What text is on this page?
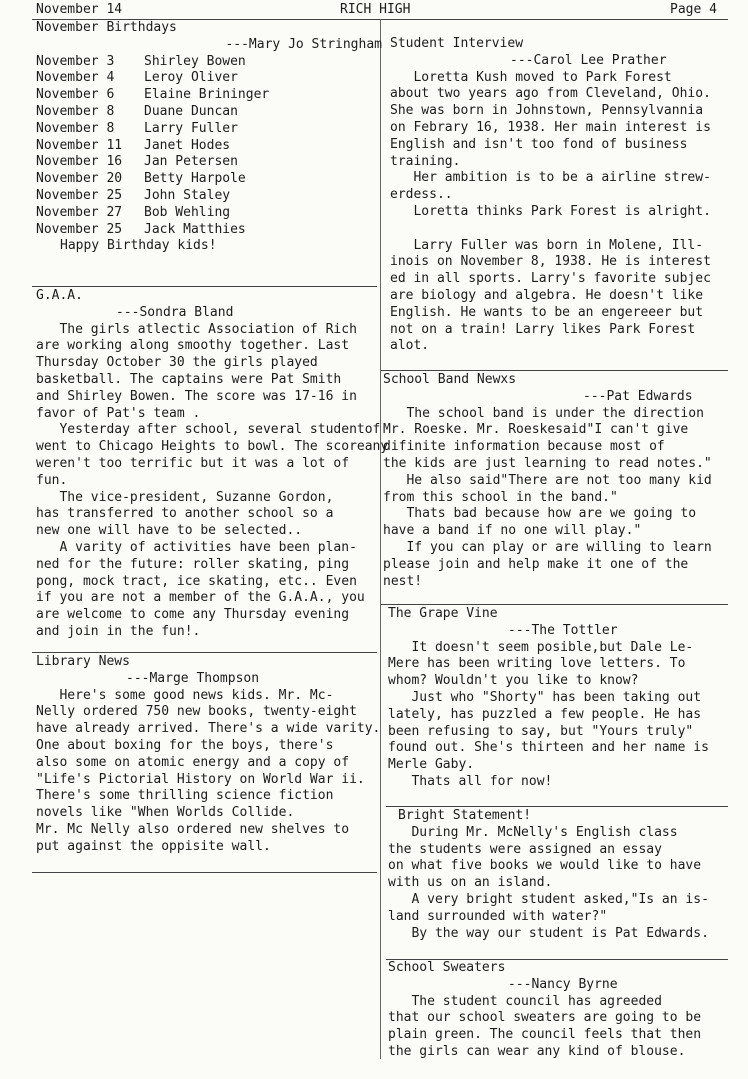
November 14	RICH HIGH	Page 4
November Birthdays
---Mary Jo Stringham
November 3 Shirley Bowen
November 4 Leroy Oliver
November 6 Elaine Brininger
November 8 Duane Duncan
November 8 Larry Fuller
November 11 Janet Hodes
November 16 Jan Petersen
November 20 Betty Harpole
November 25 John Staley
November 27 Bob Wehling
November 25 Jack Matthies
Happy Birthday kids!
G.A.A.
---Sondra Bland
The girls atlectic Association of Rich
are working along smoothy together. Last
Thursday October 30 the girls played
basketball. The captains were Pat Smith
and Shirley Bowen. The score was 17-16 in
favor of Pat's team .
Yesterday after school, several studentof
went to Chicago Heights to bowl. The scoreany
weren't too terrific but it was a lot of
fun.
The vice-president, Suzanne Gordon,
has transferred to another school so a
new one will have to be selected..
A varity of activities have been plan-
ned for the future: roller skating, ping
pong, mock tract, ice skating, etc.. Even
if you are not a member of the G.A.A., you
are welcome to come any Thursday evening
and join in the fun!.
Library News
---Marge Thompson
Here's some good news kids. Mr. Mc-
Nelly ordered 750 new books, twenty-eight
have already arrived. There's a wide varity.
One about boxing for the boys, there's
also some on atomic energy and a copy of
"Life's Pictorial History on World War ii.
There's some thrilling science fiction
novels like "When Worlds Collide.
Mr. Mc Nelly also ordered new shelves to
put against the oppisite wall.
Student Interview
---Carol Lee Prather
Loretta Kush moved to Park Forest
about two years ago from Cleveland, Ohio.
She was born in Johnstown, Pennsylvannia
on Febrary 16, 1938. Her main interest is
English and isn't too fond of business
training.
Her ambition is to be a airline strew-
erdess..
Loretta thinks Park Forest is alright.
Larry Fuller was born in Molene, Ill-
inois on November 8, 1938. He is interest
ed in all sports. Larry's favorite subjec
are biology and algebra. He doesn't like
English. He wants to be an engereeer but
not on a train! Larry likes Park Forest
alot.
School Band Newxs
---Pat Edwards
The school band is under the direction
Mr. Roeske. Mr. Roeskesaid"I can't give
difinite information because most of
the kids are just learning to read notes."
He also said"There are not too many kid
from this school in the band."
Thats bad because how are we going to
have a band if no one will play."
If you can play or are willing to learn
please join and help make it one of the
nest!
The Grape Vine
---The Tottler
It doesn't seem posible,but Dale Le-
Mere has been writing love letters. To
whom? Wouldn't you like to know?
Just who "Shorty" has been taking out
lately, has puzzled a few people. He has
been refusing to say, but "Yours truly"
found out. She's thirteen and her name is
Merle Gaby.
Thats all for now!
Bright Statement!
During Mr. McNelly's English class
the students were assigned an essay
on what five books we would like to have
with us on an island.
A very bright student asked,"Is an is-
land surrounded with water?"
By the way our student is Pat Edwards.
School Sweaters
---Nancy Byrne
The student council has agreeded
that our school sweaters are going to be
plain green. The council feels that then
the girls can wear any kind of blouse.
